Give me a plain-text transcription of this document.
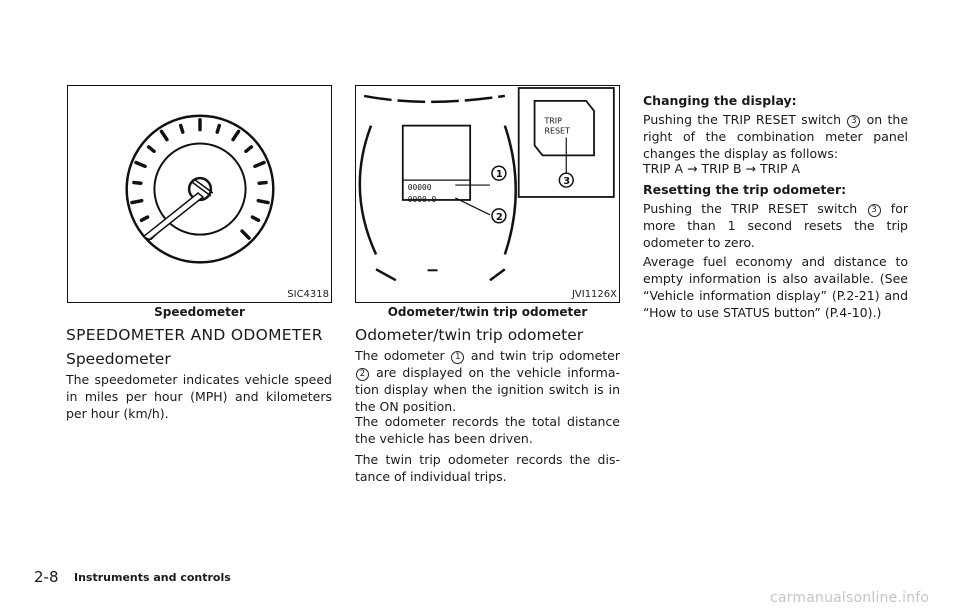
SIC4318
Speedometer
00000
0000.0
1
2
TRIP
RESET
3
JVI1126X
Odometer/twin trip odometer
SPEEDOMETER AND ODOMETER
Speedometer
The speedometer indicates vehicle speed in miles per hour (MPH) and kilometers per hour (km/h).
Odometer/twin trip odometer
The odometer 1 and twin trip odometer 2 are displayed on the vehicle informa-tion display when the ignition switch is in the ON position.
The odometer records the total distance the vehicle has been driven.
The twin trip odometer records the dis-tance of individual trips.
Changing the display:
Pushing the TRIP RESET switch 3 on the right of the combination meter panel changes the display as follows:
TRIP A → TRIP B → TRIP A
Resetting the trip odometer:
Pushing the TRIP RESET switch 3 for more than 1 second resets the trip odometer to zero.
Average fuel economy and distance to empty information is also available. (See “Vehicle information display” (P.2-21) and “How to use STATUS button” (P.4-10).)
2-8 Instruments and controls
carmanualsonline.info
